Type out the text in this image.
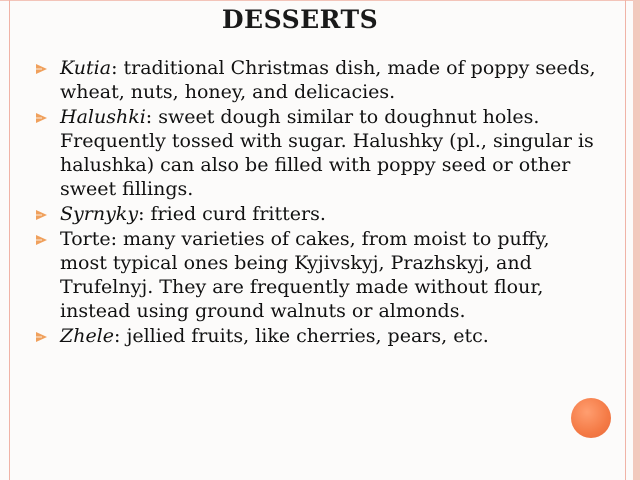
DESSERTS
Kutia: traditional Christmas dish, made of poppy seeds, wheat, nuts, honey, and delicacies.
Halushki: sweet dough similar to doughnut holes. Frequently tossed with sugar. Halushky (pl., singular is halushka) can also be filled with poppy seed or other sweet fillings.
Syrnyky: fried curd fritters.
Torte: many varieties of cakes, from moist to puffy, most typical ones being Kyjivskyj, Prazhskyj, and Trufelnyj. They are frequently made without flour, instead using ground walnuts or almonds.
Zhele: jellied fruits, like cherries, pears, etc.
